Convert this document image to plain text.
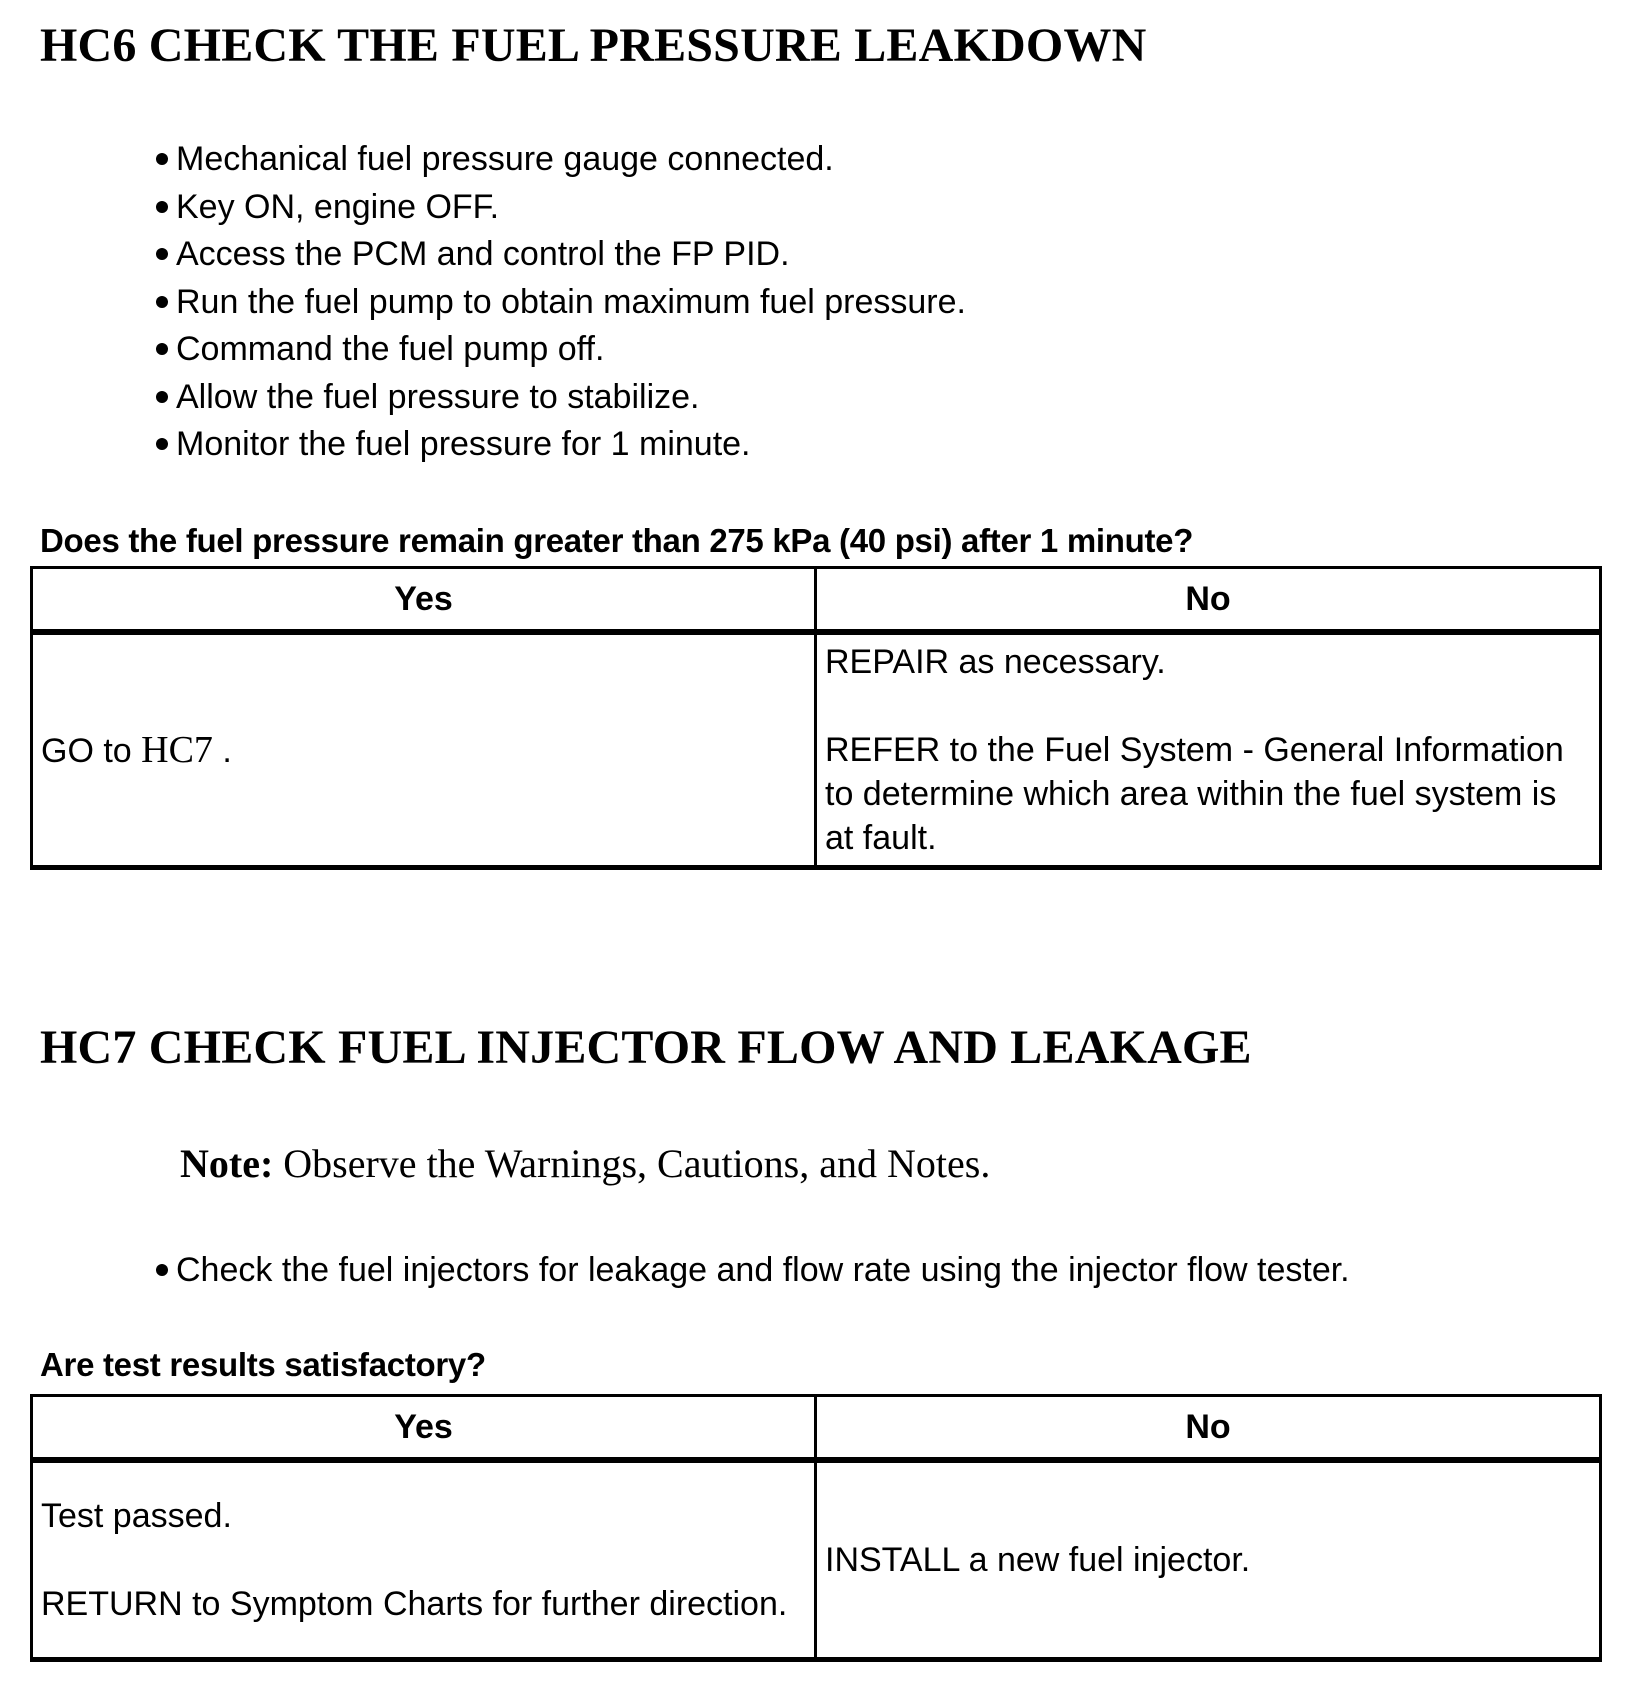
HC6 CHECK THE FUEL PRESSURE LEAKDOWN
Mechanical fuel pressure gauge connected.
Key ON, engine OFF.
Access the PCM and control the FP PID.
Run the fuel pump to obtain maximum fuel pressure.
Command the fuel pump off.
Allow the fuel pressure to stabilize.
Monitor the fuel pressure for 1 minute.
Does the fuel pressure remain greater than 275 kPa (40 psi) after 1 minute?
Yes	No
GO to HC7 .	REPAIR as necessary.
REFER to the Fuel System - General Information to determine which area within the fuel system is at fault.
HC7 CHECK FUEL INJECTOR FLOW AND LEAKAGE
Note: Observe the Warnings, Cautions, and Notes.
Check the fuel injectors for leakage and flow rate using the injector flow tester.
Are test results satisfactory?
Yes	No

Test passed.
RETURN to Symptom Charts for further direction.	INSTALL a new fuel injector.
